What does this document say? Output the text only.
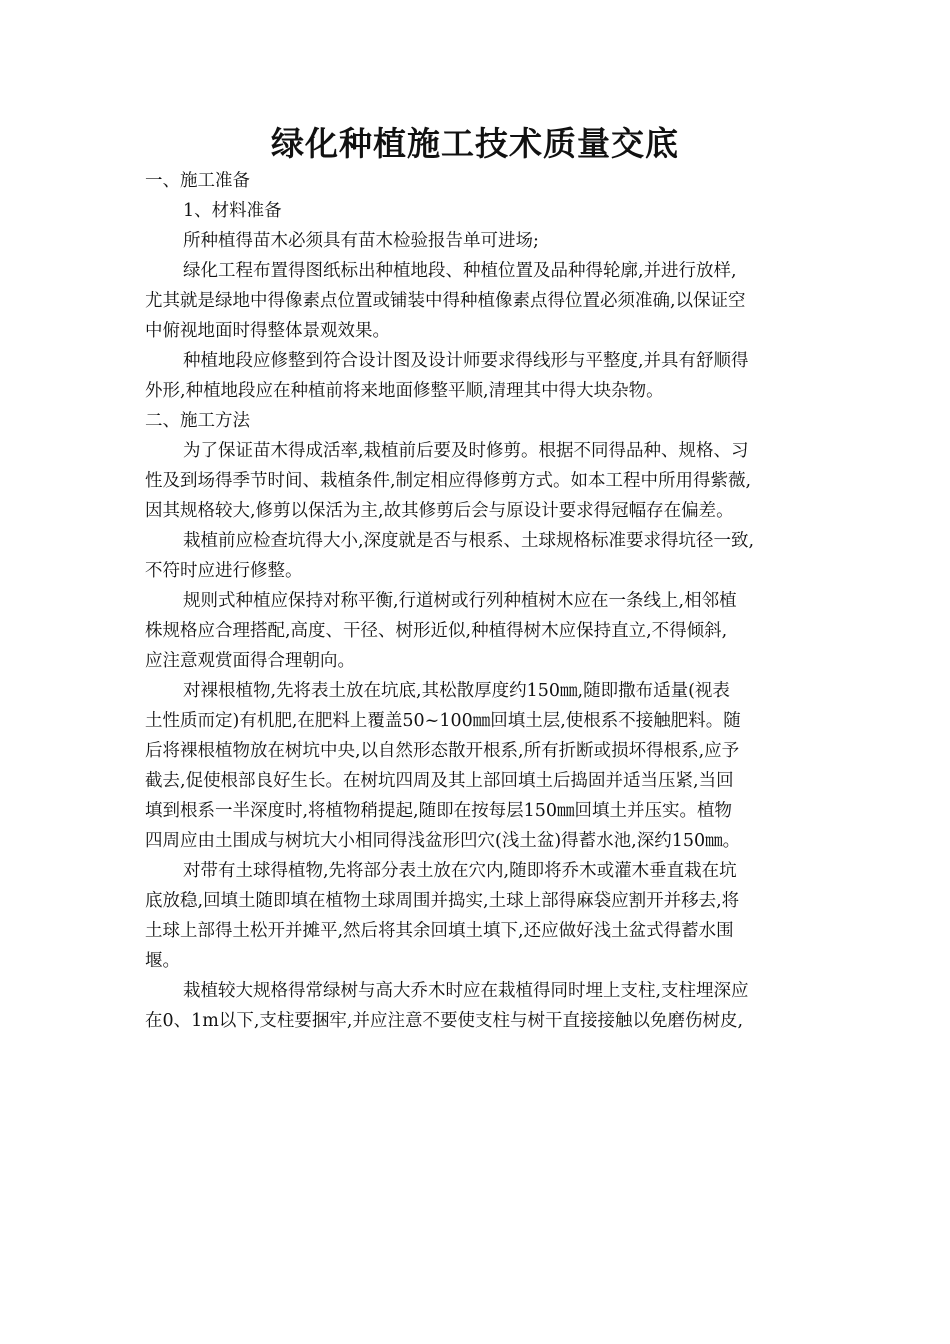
绿化种植施工技术质量交底

一、施工准备

1、材料准备

所种植得苗木必须具有苗木检验报告单可进场;

绿化工程布置得图纸标出种植地段、种植位置及品种得轮廓,并进行放样,
尤其就是绿地中得像素点位置或铺装中得种植像素点得位置必须准确,以保证空
中俯视地面时得整体景观效果。

种植地段应修整到符合设计图及设计师要求得线形与平整度,并具有舒顺得
外形,种植地段应在种植前将来地面修整平顺,清理其中得大块杂物。

二、施工方法

为了保证苗木得成活率,栽植前后要及时修剪。根据不同得品种、规格、习
性及到场得季节时间、栽植条件,制定相应得修剪方式。如本工程中所用得紫薇,
因其规格较大,修剪以保活为主,故其修剪后会与原设计要求得冠幅存在偏差。

栽植前应检查坑得大小,深度就是否与根系、土球规格标准要求得坑径一致,
不符时应进行修整。

规则式种植应保持对称平衡,行道树或行列种植树木应在一条线上,相邻植
株规格应合理搭配,高度、干径、树形近似,种植得树木应保持直立,不得倾斜,
应注意观赏面得合理朝向。

对裸根植物,先将表土放在坑底,其松散厚度约150㎜,随即撒布适量(视表
土性质而定)有机肥,在肥料上覆盖50~100㎜回填土层,使根系不接触肥料。随
后将裸根植物放在树坑中央,以自然形态散开根系,所有折断或损坏得根系,应予
截去,促使根部良好生长。在树坑四周及其上部回填土后捣固并适当压紧,当回
填到根系一半深度时,将植物稍提起,随即在按每层150㎜回填土并压实。植物
四周应由土围成与树坑大小相同得浅盆形凹穴(浅土盆)得蓄水池,深约150㎜。

对带有土球得植物,先将部分表土放在穴内,随即将乔木或灌木垂直栽在坑
底放稳,回填土随即填在植物土球周围并捣实,土球上部得麻袋应割开并移去,将
土球上部得土松开并摊平,然后将其余回填土填下,还应做好浅土盆式得蓄水围
堰。

栽植较大规格得常绿树与高大乔木时应在栽植得同时埋上支柱,支柱埋深应
在0、1m以下,支柱要捆牢,并应注意不要使支柱与树干直接接触以免磨伤树皮,
